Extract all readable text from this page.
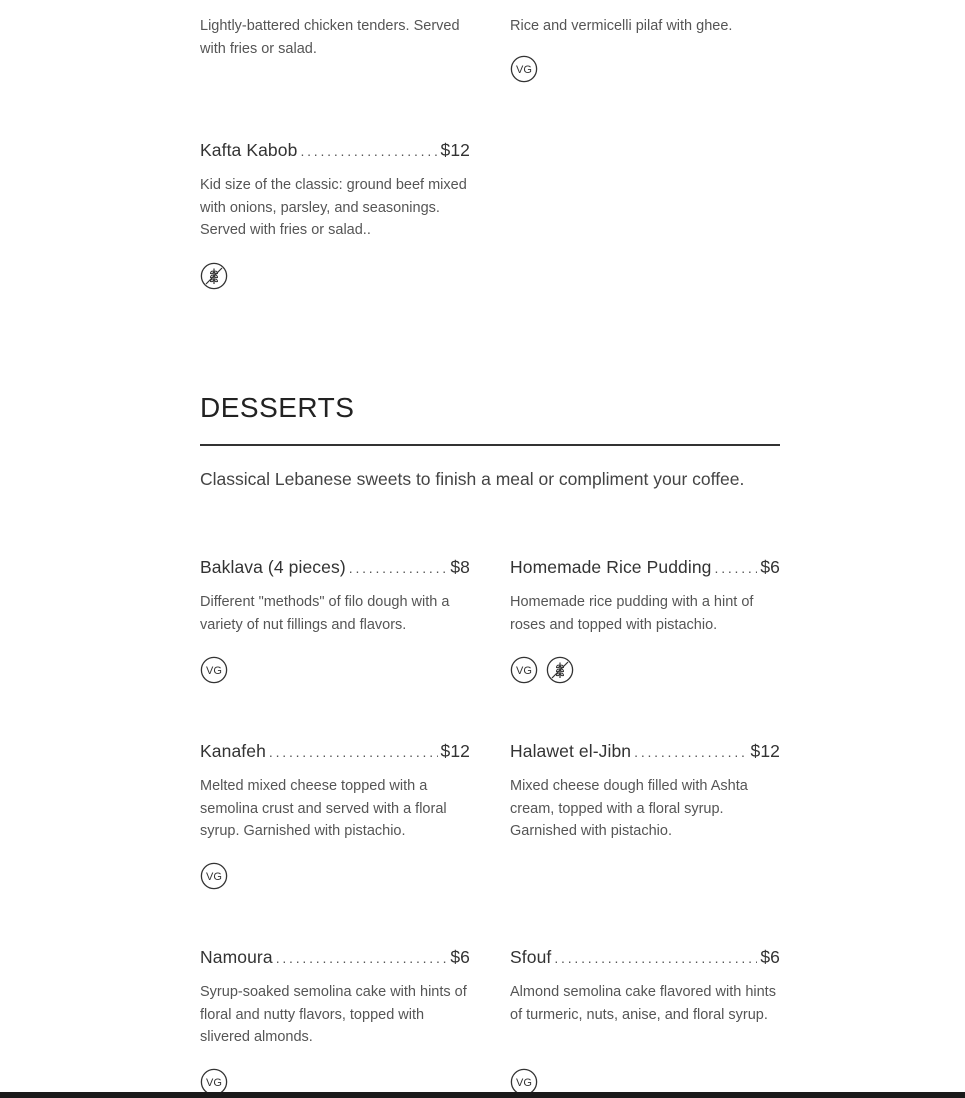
Lightly-battered chicken tenders. Served with fries or salad.

Rice and vermicelli pilaf with ghee.

VG
Kafta Kabob . . .	$12

Kid size of the classic: ground beef mixed with onions, parsley, and seasonings. Served with fries or salad..

DESSERTS

Classical Lebanese sweets to finish a meal or compliment your coffee.

Baklava (4 pieces) . . .	$8

Different "methods" of filo dough with a variety of nut fillings and flavors.

VG
Homemade Rice Pudding . . .	$6

Homemade rice pudding with a hint of roses and topped with pistachio.

VG
Kanafeh . . .	$12

Melted mixed cheese topped with a semolina crust and served with a floral syrup. Garnished with pistachio.

VG
Halawet el-Jibn . . .	$12

Mixed cheese dough filled with Ashta cream, topped with a floral syrup. Garnished with pistachio.

Namoura . . .	$6

Syrup-soaked semolina cake with hints of floral and nutty flavors, topped with slivered almonds.

VG
Sfouf . . .	$6

Almond semolina cake flavored with hints of turmeric, nuts, anise, and floral syrup.

VG
